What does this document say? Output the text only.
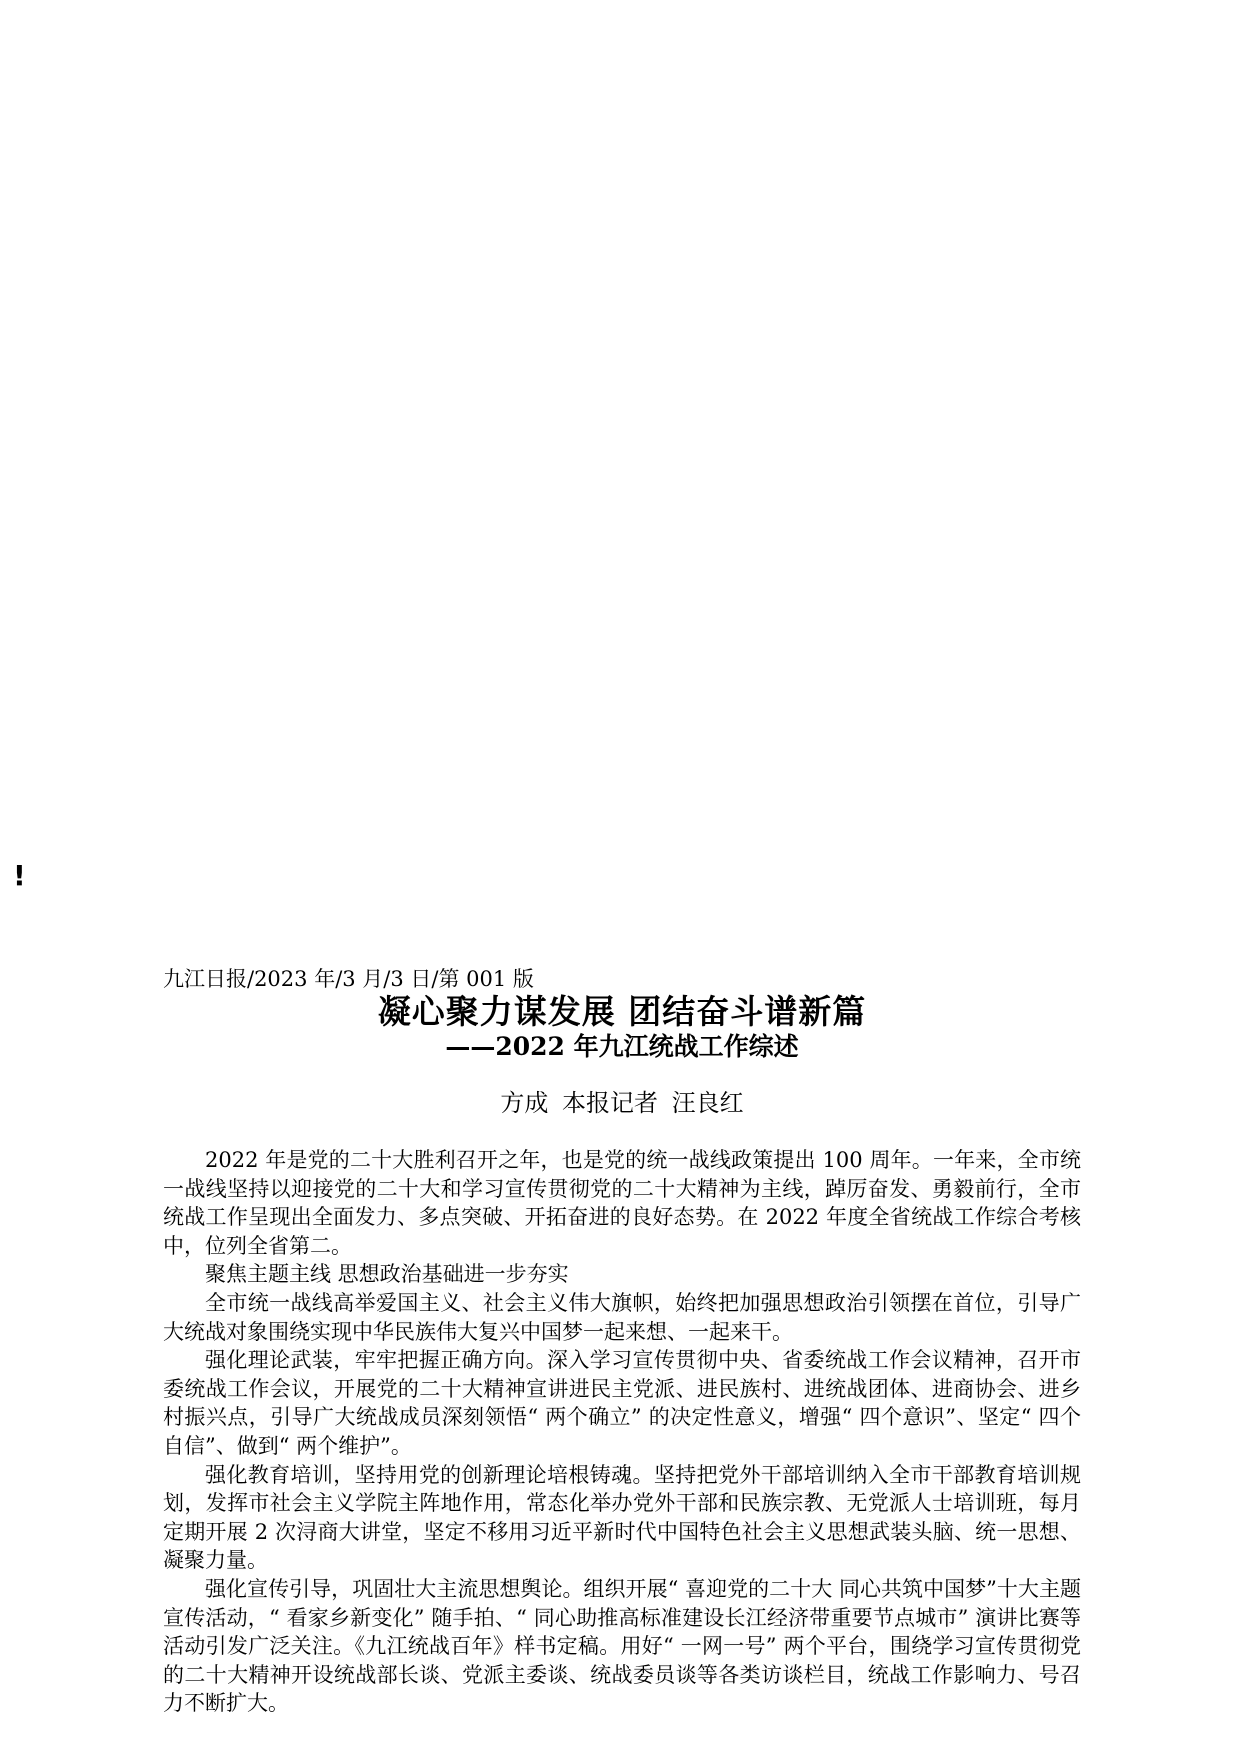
!

九江日报/2023 年/3 月/3 日/第 001 版

凝心聚力谋发展 团结奋斗谱新篇
——2022 年九江统战工作综述

方成 本报记者 汪良红

2022 年是党的二十大胜利召开之年，也是党的统一战线政策提出 100 周年。一年来，全市统一战线坚持以迎接党的二十大和学习宣传贯彻党的二十大精神为主线，踔厉奋发、勇毅前行，全市统战工作呈现出全面发力、多点突破、开拓奋进的良好态势。在 2022 年度全省统战工作综合考核中，位列全省第二。

聚焦主题主线 思想政治基础进一步夯实

全市统一战线高举爱国主义、社会主义伟大旗帜，始终把加强思想政治引领摆在首位，引导广大统战对象围绕实现中华民族伟大复兴中国梦一起来想、一起来干。

强化理论武装，牢牢把握正确方向。深入学习宣传贯彻中央、省委统战工作会议精神，召开市委统战工作会议，开展党的二十大精神宣讲进民主党派、进民族村、进统战团体、进商协会、进乡村振兴点，引导广大统战成员深刻领悟“ 两个确立” 的决定性意义，增强“ 四个意识”、坚定“ 四个自信”、做到“ 两个维护”。

强化教育培训，坚持用党的创新理论培根铸魂。坚持把党外干部培训纳入全市干部教育培训规划，发挥市社会主义学院主阵地作用，常态化举办党外干部和民族宗教、无党派人士培训班，每月定期开展 2 次浔商大讲堂，坚定不移用习近平新时代中国特色社会主义思想武装头脑、统一思想、凝聚力量。

强化宣传引导，巩固壮大主流思想舆论。组织开展“ 喜迎党的二十大 同心共筑中国梦”十大主题宣传活动，“ 看家乡新变化” 随手拍、“ 同心助推高标准建设长江经济带重要节点城市” 演讲比赛等活动引发广泛关注。《九江统战百年》样书定稿。用好“ 一网一号” 两个平台，围绕学习宣传贯彻党的二十大精神开设统战部长谈、党派主委谈、统战委员谈等各类访谈栏目，统战工作影响力、号召力不断扩大。
